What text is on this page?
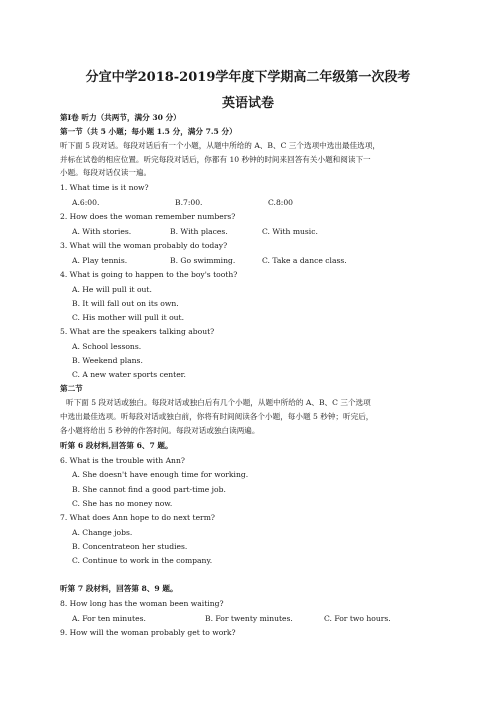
分宜中学2018-2019学年度下学期高二年级第一次段考
英语试卷
第Ⅰ卷 听力（共两节，满分 30 分）
第一节（共 5 小题；每小题 1.5 分，满分 7.5 分）
听下面 5 段对话。每段对话后有一个小题，从题中所给的 A、B、C 三个选项中选出最佳选项，
并标在试卷的相应位置。听完每段对话后，你都有 10 秒钟的时间来回答有关小题和阅读下一
小题。每段对话仅读一遍。
1. What time is it now?
A.6:00.	B.7:00.	C.8:00
2. How does the woman remember numbers?
A. With stories.	B. With places.	C. With music.
3. What will the woman probably do today?
A. Play tennis.	B. Go swimming.	C. Take a dance class.
4. What is going to happen to the boy's tooth?
A. He will pull it out.
B. It will fall out on its own.
C. His mother will pull it out.
5. What are the speakers talking about?
A. School lessons.
B. Weekend plans.
C. A new water sports center.
第二节
听下面 5 段对话或独白。每段对话或独白后有几个小题，从题中所给的 A、B、C 三个选项
中选出最佳选项。听每段对话或独白前，你将有时间阅读各个小题，每小题 5 秒钟；听完后，
各小题将给出 5 秒钟的作答时间。每段对话或独白读两遍。
听第 6 段材料,回答第 6、7 题。
6. What is the trouble with Ann?
A. She doesn't have enough time for working.
B. She cannot find a good part-time job.
C. She has no money now.
7. What does Ann hope to do next term?
A. Change jobs.
B. Concentrateon her studies.
C. Continue to work in the company.
听第 7 段材料，回答第 8、9 题。
8. How long has the woman been waiting?
A. For ten minutes.	B. For twenty minutes.	C. For two hours.
9. How will the woman probably get to work?
